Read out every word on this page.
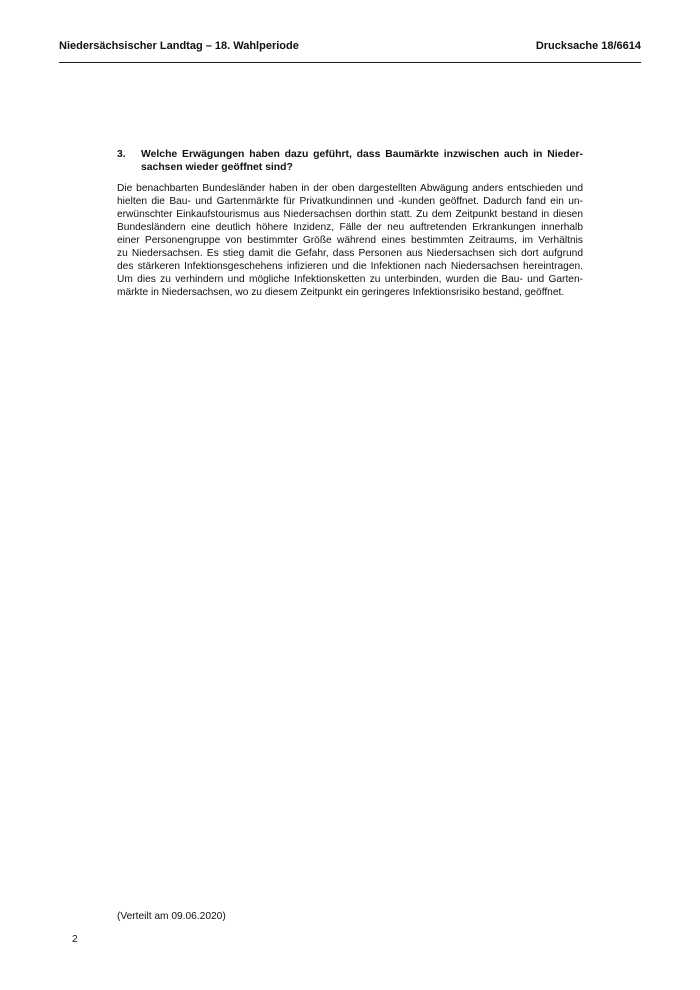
Niedersächsischer Landtag – 18. Wahlperiode	Drucksache 18/6614
3. Welche Erwägungen haben dazu geführt, dass Baumärkte inzwischen auch in Nieder-sachsen wieder geöffnet sind?

Die benachbarten Bundesländer haben in der oben dargestellten Abwägung anders entschieden und
hielten die Bau- und Gartenmärkte für Privatkundinnen und -kunden geöffnet. Dadurch fand ein un-
erwünschter Einkaufstourismus aus Niedersachsen dorthin statt. Zu dem Zeitpunkt bestand in diesen
Bundesländern eine deutlich höhere Inzidenz, Fälle der neu auftretenden Erkrankungen innerhalb
einer Personengruppe von bestimmter Größe während eines bestimmten Zeitraums, im Verhältnis
zu Niedersachsen. Es stieg damit die Gefahr, dass Personen aus Niedersachsen sich dort aufgrund
des stärkeren Infektionsgeschehens infizieren und die Infektionen nach Niedersachsen hereintragen.
Um dies zu verhindern und mögliche Infektionsketten zu unterbinden, wurden die Bau- und Garten-
märkte in Niedersachsen, wo zu diesem Zeitpunkt ein geringeres Infektionsrisiko bestand, geöffnet.

(Verteilt am 09.06.2020)
2
